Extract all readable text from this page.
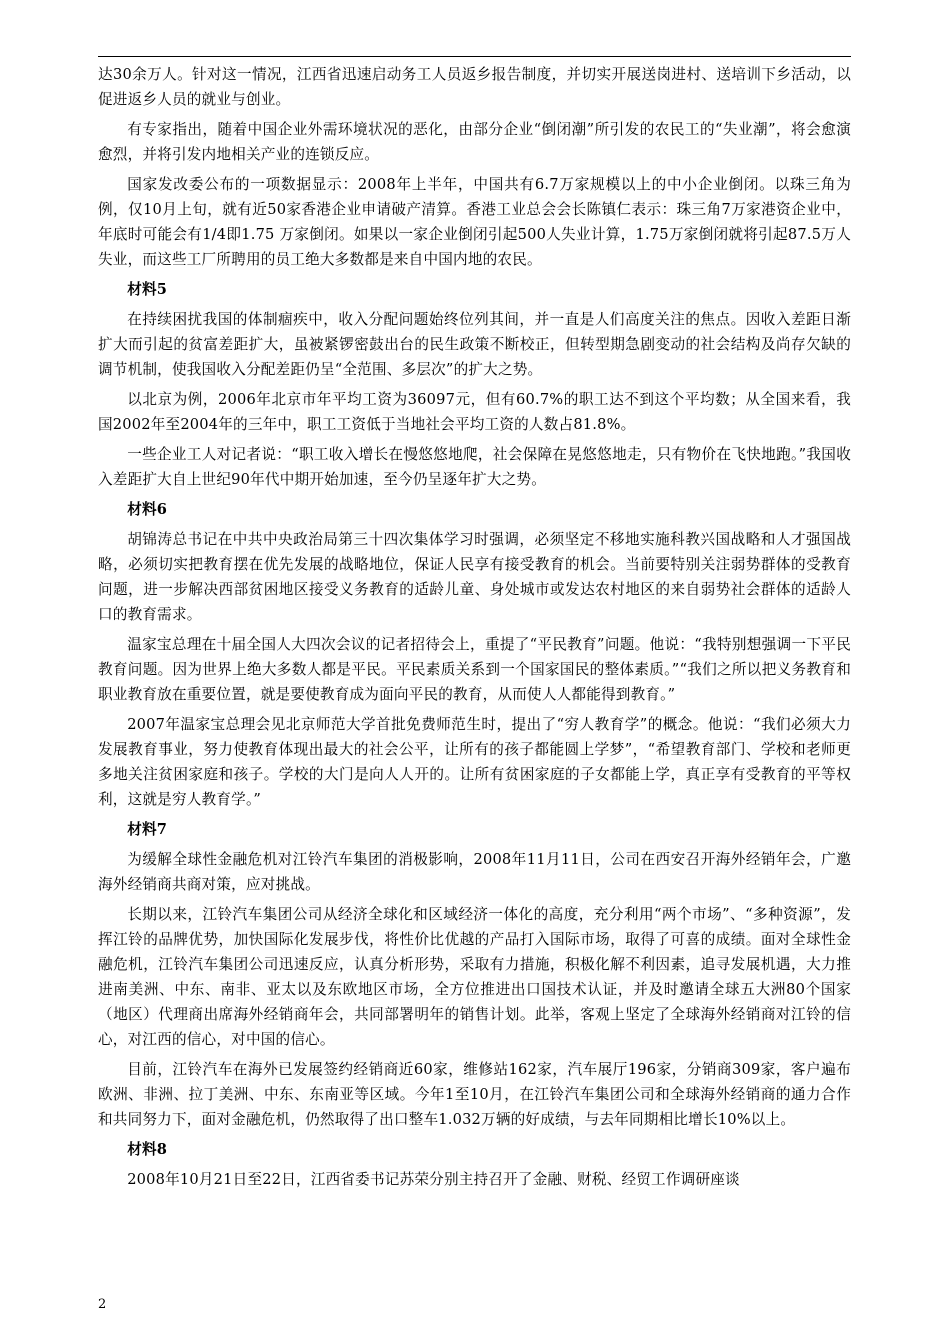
达30余万人。针对这一情况，江西省迅速启动务工人员返乡报告制度，并切实开展送岗进村、送培训下乡活动，以促进返乡人员的就业与创业。

有专家指出，随着中国企业外需环境状况的恶化，由部分企业“倒闭潮”所引发的农民工的“失业潮”，将会愈演愈烈，并将引发内地相关产业的连锁反应。

国家发改委公布的一项数据显示：2008年上半年，中国共有6.7万家规模以上的中小企业倒闭。以珠三角为例，仅10月上旬，就有近50家香港企业申请破产清算。香港工业总会会长陈镇仁表示：珠三角7万家港资企业中，年底时可能会有1/4即1.75 万家倒闭。如果以一家企业倒闭引起500人失业计算，1.75万家倒闭就将引起87.5万人失业，而这些工厂所聘用的员工绝大多数都是来自中国内地的农民。

材料5

在持续困扰我国的体制痼疾中，收入分配问题始终位列其间，并一直是人们高度关注的焦点。因收入差距日渐扩大而引起的贫富差距扩大，虽被紧锣密鼓出台的民生政策不断校正，但转型期急剧变动的社会结构及尚存欠缺的调节机制，使我国收入分配差距仍呈“全范围、多层次”的扩大之势。

以北京为例，2006年北京市年平均工资为36097元，但有60.7%的职工达不到这个平均数；从全国来看，我国2002年至2004年的三年中，职工工资低于当地社会平均工资的人数占81.8%。

一些企业工人对记者说：“职工收入增长在慢悠悠地爬，社会保障在晃悠悠地走，只有物价在飞快地跑。”我国收入差距扩大自上世纪90年代中期开始加速，至今仍呈逐年扩大之势。

材料6

胡锦涛总书记在中共中央政治局第三十四次集体学习时强调，必须坚定不移地实施科教兴国战略和人才强国战略，必须切实把教育摆在优先发展的战略地位，保证人民享有接受教育的机会。当前要特别关注弱势群体的受教育问题，进一步解决西部贫困地区接受义务教育的适龄儿童、身处城市或发达农村地区的来自弱势社会群体的适龄人口的教育需求。

温家宝总理在十届全国人大四次会议的记者招待会上，重提了“平民教育”问题。他说：“我特别想强调一下平民教育问题。因为世界上绝大多数人都是平民。平民素质关系到一个国家国民的整体素质。”“我们之所以把义务教育和职业教育放在重要位置，就是要使教育成为面向平民的教育，从而使人人都能得到教育。”

2007年温家宝总理会见北京师范大学首批免费师范生时，提出了“穷人教育学”的概念。他说：“我们必须大力发展教育事业，努力使教育体现出最大的社会公平，让所有的孩子都能圆上学梦”，“希望教育部门、学校和老师更多地关注贫困家庭和孩子。学校的大门是向人人开的。让所有贫困家庭的子女都能上学，真正享有受教育的平等权利，这就是穷人教育学。”

材料7

为缓解全球性金融危机对江铃汽车集团的消极影响，2008年11月11日，公司在西安召开海外经销年会，广邀海外经销商共商对策，应对挑战。

长期以来，江铃汽车集团公司从经济全球化和区域经济一体化的高度，充分利用“两个市场”、“多种资源”，发挥江铃的品牌优势，加快国际化发展步伐，将性价比优越的产品打入国际市场，取得了可喜的成绩。面对全球性金融危机，江铃汽车集团公司迅速反应，认真分析形势，采取有力措施，积极化解不利因素，追寻发展机遇，大力推进南美洲、中东、南非、亚太以及东欧地区市场，全方位推进出口国技术认证，并及时邀请全球五大洲80个国家（地区）代理商出席海外经销商年会，共同部署明年的销售计划。此举，客观上坚定了全球海外经销商对江铃的信心，对江西的信心，对中国的信心。

目前，江铃汽车在海外已发展签约经销商近60家，维修站162家，汽车展厅196家，分销商309家，客户遍布欧洲、非洲、拉丁美洲、中东、东南亚等区域。今年1至10月，在江铃汽车集团公司和全球海外经销商的通力合作和共同努力下，面对金融危机，仍然取得了出口整车1.032万辆的好成绩，与去年同期相比增长10%以上。

材料8

2008年10月21日至22日，江西省委书记苏荣分别主持召开了金融、财税、经贸工作调研座谈

2
